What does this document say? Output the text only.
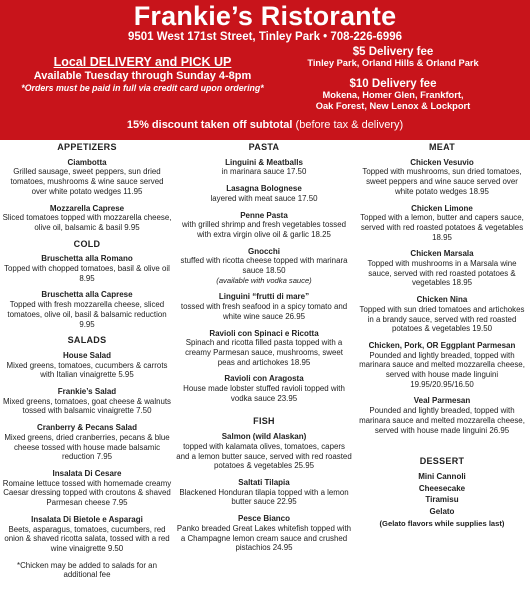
Frankie’s Ristorante
9501 West 171st Street, Tinley Park • 708-226-6996
Local DELIVERY and PICK UP
Available Tuesday through Sunday 4-8pm
*Orders must be paid in full via credit card upon ordering*
$5 Delivery fee
Tinley Park, Orland Hills & Orland Park
$10 Delivery fee
Mokena, Homer Glen, Frankfort,
Oak Forest, New Lenox & Lockport
15% discount taken off subtotal (before tax & delivery)
APPETIZERS
Ciambotta
Grilled sausage, sweet peppers, sun dried tomatoes, mushrooms & wine sauce served over white potato wedges 11.95
Mozzarella Caprese
Sliced tomatoes topped with mozzarella cheese, olive oil, balsamic & basil 9.95
COLD
Bruschetta alla Romano
Topped with chopped tomatoes, basil & olive oil 8.95
Bruschetta alla Caprese
Topped with fresh mozzarella cheese, sliced tomatoes, olive oil, basil & balsamic reduction 9.95
SALADS
House Salad
Mixed greens, tomatoes, cucumbers & carrots with Italian vinaigrette 5.95
Frankie’s Salad
Mixed greens, tomatoes, goat cheese & walnuts tossed with balsamic vinaigrette 7.50
Cranberry & Pecans Salad
Mixed greens, dried cranberries, pecans & blue cheese tossed with house made balsamic reduction 7.95
Insalata Di Cesare
Romaine lettuce tossed with homemade creamy Caesar dressing topped with croutons & shaved Parmesan cheese 7.95
Insalata Di Bietole e Asparagi
Beets, asparagus, tomatoes, cucumbers, red onion & shaved ricotta salata, tossed with a red wine vinaigrette 9.50
*Chicken may be added to salads for an additional fee
PASTA
Linguini & Meatballs
in marinara sauce 17.50
Lasagna Bolognese
layered with meat sauce 17.50
Penne Pasta
with grilled shrimp and fresh vegetables tossed with extra virgin olive oil & garlic 18.25
Gnocchi
stuffed with ricotta cheese topped with marinara sauce 18.50
(available with vodka sauce)
Linguini “frutti di mare”
tossed with fresh seafood in a spicy tomato and white wine sauce 26.95
Ravioli con Spinaci e Ricotta
Spinach and ricotta filled pasta topped with a creamy Parmesan sauce, mushrooms, sweet peas and artichokes 18.95
Ravioli con Aragosta
House made lobster stuffed ravioli topped with vodka sauce 23.95
FISH
Salmon (wild Alaskan)
topped with kalamata olives, tomatoes, capers and a lemon butter sauce, served with red roasted potatoes & vegetables 25.95
Saltati Tilapia
Blackened Honduran tilapia topped with a lemon butter sauce 22.95
Pesce Bianco
Panko breaded Great Lakes whitefish topped with a Champagne lemon cream sauce and crushed pistachios 24.95
MEAT
Chicken Vesuvio
Topped with mushrooms, sun dried tomatoes, sweet peppers and wine sauce served over white potato wedges 18.95
Chicken Limone
Topped with a lemon, butter and capers sauce, served with red roasted potatoes & vegetables 18.95
Chicken Marsala
Topped with mushrooms in a Marsala wine sauce, served with red roasted potatoes & vegetables 18.95
Chicken Nina
Topped with sun dried tomatoes and artichokes in a brandy sauce, served with red roasted potatoes & vegetables 19.50
Chicken, Pork, OR Eggplant Parmesan
Pounded and lightly breaded, topped with marinara sauce and melted mozzarella cheese, served with house made linguini 19.95/20.95/16.50
Veal Parmesan
Pounded and lightly breaded, topped with marinara sauce and melted mozzarella cheese, served with house made linguini 26.95
DESSERT
Mini Cannoli
Cheesecake
Tiramisu
Gelato
(Gelato flavors while supplies last)
